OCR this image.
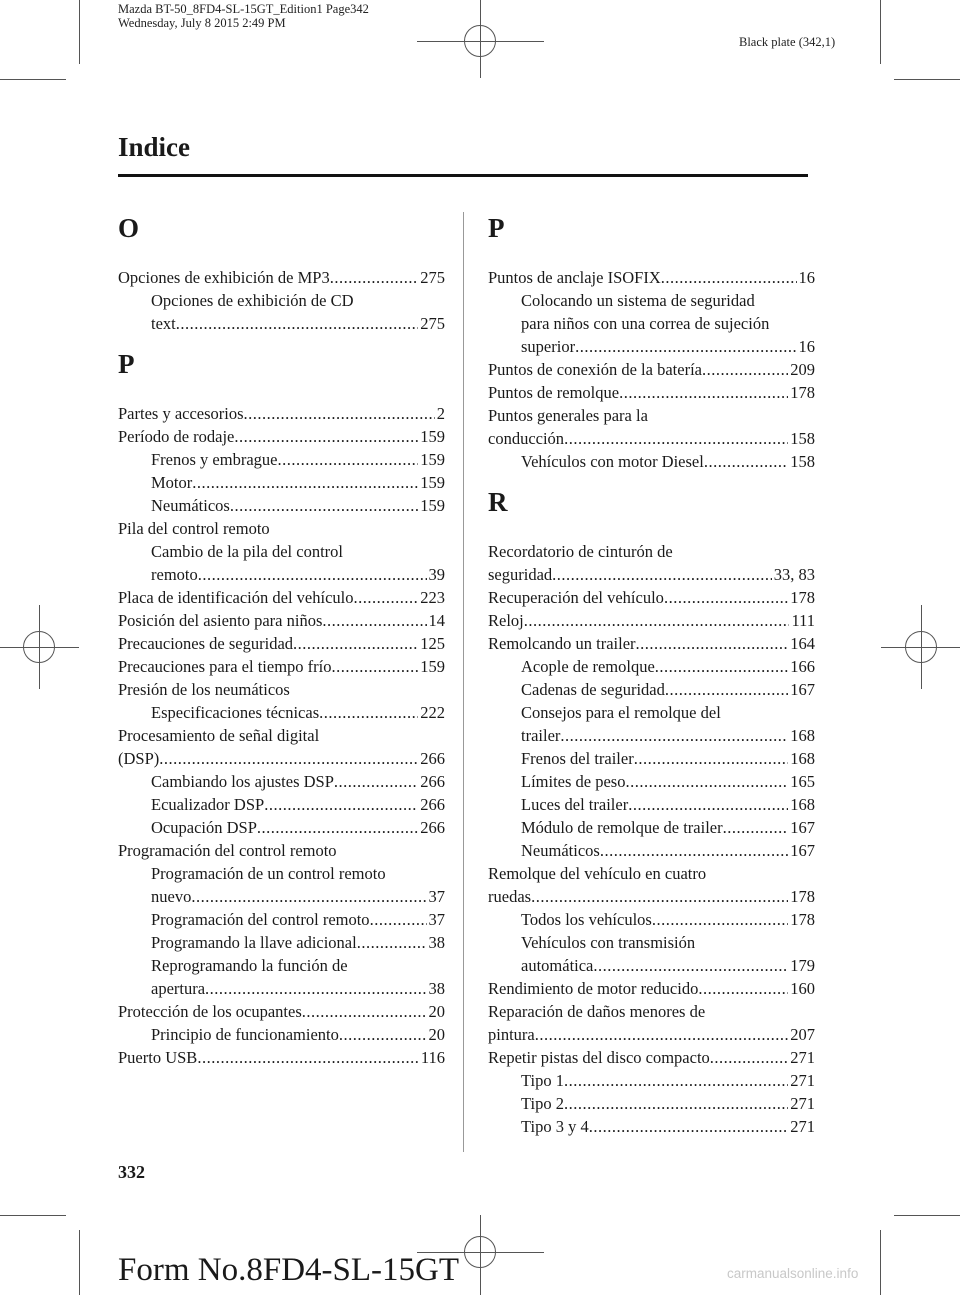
Mazda BT-50_8FD4-SL-15GT_Edition1 Page342
Wednesday, July 8 2015 2:49 PM
Black plate (342,1)
Indice
O
Opciones de exhibición de MP3 .....	275
Opciones de exhibición de CD
text .....	275
P
Partes y accesorios .....	2
Período de rodaje .....	159
Frenos y embrague .....	159
Motor .....	159
Neumáticos .....	159
Pila del control remoto
Cambio de la pila del control
remoto .....	39
Placa de identificación del vehículo .....	223
Posición del asiento para niños .....	14
Precauciones de seguridad .....	125
Precauciones para el tiempo frío .....	159
Presión de los neumáticos
Especificaciones técnicas .....	222
Procesamiento de señal digital
(DSP) .....	266
Cambiando los ajustes DSP .....	266
Ecualizador DSP .....	266
Ocupación DSP .....	266
Programación del control remoto
Programación de un control remoto
nuevo .....	37
Programación del control remoto .....	37
Programando la llave adicional .....	38
Reprogramando la función de
apertura .....	38
Protección de los ocupantes .....	20
Principio de funcionamiento .....	20
Puerto USB .....	116
P
Puntos de anclaje ISOFIX .....	16
Colocando un sistema de seguridad
para niños con una correa de sujeción
superior .....	16
Puntos de conexión de la batería .....	209
Puntos de remolque .....	178
Puntos generales para la
conducción .....	158
Vehículos con motor Diesel .....	158
R
Recordatorio de cinturón de
seguridad .....	33, 83
Recuperación del vehículo .....	178
Reloj .....	111
Remolcando un trailer .....	164
Acople de remolque .....	166
Cadenas de seguridad .....	167
Consejos para el remolque del
trailer .....	168
Frenos del trailer .....	168
Límites de peso .....	165
Luces del trailer .....	168
Módulo de remolque de trailer .....	167
Neumáticos .....	167
Remolque del vehículo en cuatro
ruedas .....	178
Todos los vehículos .....	178
Vehículos con transmisión
automática .....	179
Rendimiento de motor reducido .....	160
Reparación de daños menores de
pintura .....	207
Repetir pistas del disco compacto .....	271
Tipo 1 .....	271
Tipo 2 .....	271
Tipo 3 y 4 .....	271
332
Form No.8FD4-SL-15GT	carmanualsonline.info
